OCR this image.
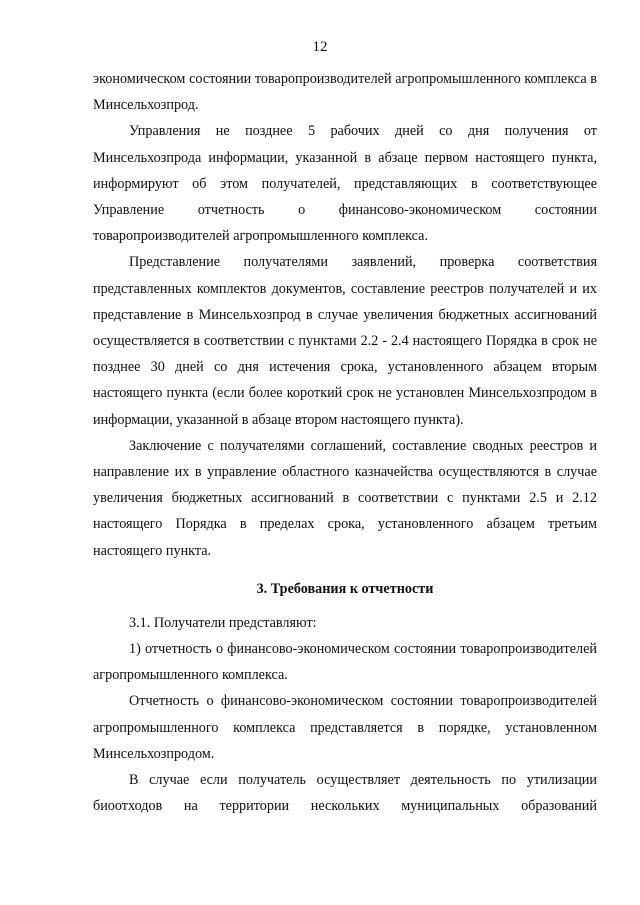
12

экономическом состоянии товаропроизводителей агропромышленного комплекса в Минсельхозпрод.

Управления не позднее 5 рабочих дней со дня получения от Минсельхозпрода информации, указанной в абзаце первом настоящего пункта, информируют об этом получателей, представляющих в соответствующее Управление отчетность о финансово-экономическом состоянии товаропроизводителей агропромышленного комплекса.

Представление получателями заявлений, проверка соответствия представленных комплектов документов, составление реестров получателей и их представление в Минсельхозпрод в случае увеличения бюджетных ассигнований осуществляется в соответствии с пунктами 2.2 - 2.4 настоящего Порядка в срок не позднее 30 дней со дня истечения срока, установленного абзацем вторым настоящего пункта (если более короткий срок не установлен Минсельхозпродом в информации, указанной в абзаце втором настоящего пункта).

Заключение с получателями соглашений, составление сводных реестров и направление их в управление областного казначейства осуществляются в случае увеличения бюджетных ассигнований в соответствии с пунктами 2.5 и 2.12 настоящего Порядка в пределах срока, установленного абзацем третьим настоящего пункта.

3. Требования к отчетности

3.1. Получатели представляют:

1) отчетность о финансово-экономическом состоянии товаропроизводителей агропромышленного комплекса.

Отчетность о финансово-экономическом состоянии товаропроизводителей агропромышленного комплекса представляется в порядке, установленном Минсельхозпродом.

В случае если получатель осуществляет деятельность по утилизации биоотходов на территории нескольких муниципальных образований
